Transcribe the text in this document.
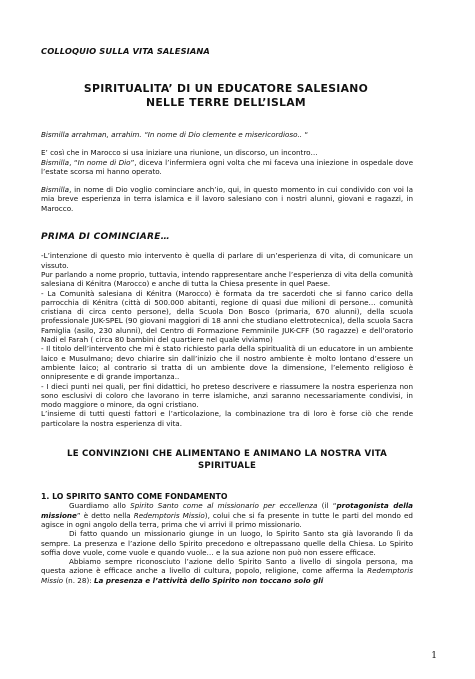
COLLOQUIO SULLA VITA SALESIANA
SPIRITUALITA’ DI UN EDUCATORE SALESIANO
NELLE TERRE DELL’ISLAM

Bismilla arrahman, arrahim. “In nome di Dio clemente e misericordioso.. “

E’ così che in Marocco si usa iniziare una riunione, un discorso, un incontro…

Bismilla, “In nome di Dio”, diceva l’infermiera ogni volta che mi faceva una iniezione in ospedale dove l’estate scorsa mi hanno operato.

Bismilla, in nome di Dio voglio cominciare anch’io, qui, in questo momento in cui condivido con voi la mia breve esperienza in terra islamica e il lavoro salesiano con i nostri alunni, giovani e ragazzi, in Marocco.

PRIMA DI COMINCIARE…

-L’intenzione di questo mio intervento è quella di parlare di un’esperienza di vita, di comunicare un vissuto.

Pur parlando a nome proprio, tuttavia, intendo rappresentare anche l’esperienza di vita della comunità salesiana di Kénitra (Marocco) e anche di tutta la Chiesa presente in quel Paese.

- La Comunità salesiana di Kénitra (Marocco) è formata da tre sacerdoti che si fanno carico della parrocchia di Kénitra (città di 500.000 abitanti, regione di quasi due milioni di persone… comunità cristiana di circa cento persone), della Scuola Don Bosco (primaria, 670 alunni), della scuola professionale JUK-SPEL (90 giovani maggiori di 18 anni che studiano elettrotecnica), della scuola Sacra Famiglia (asilo, 230 alunni), del Centro di Formazione Femminile JUK-CFF (50 ragazze) e dell’oratorio Nadi el Farah ( circa 80 bambini del quartiere nel quale viviamo)

- Il titolo dell’intervento che mi è stato richiesto parla della spiritualità di un educatore in un ambiente laico e Musulmano; devo chiarire sin dall’inizio che il nostro ambiente è molto lontano d’essere un ambiente laico; al contrario si tratta di un ambiente dove la dimensione, l’elemento religioso è onnipresente e di grande importanza..

- I dieci punti nei quali, per fini didattici, ho preteso descrivere e riassumere la nostra esperienza non sono esclusivi di coloro che lavorano in terre islamiche, anzi saranno necessariamente condivisi, in modo maggiore o minore, da ogni cristiano.

L’insieme di tutti questi fattori e l’articolazione, la combinazione tra di loro è forse ciò che rende particolare la nostra esperienza di vita.

LE CONVINZIONI CHE ALIMENTANO E ANIMANO LA NOSTRA VITA
SPIRITUALE

1. LO SPIRITO SANTO COME FONDAMENTO

Guardiamo allo Spirito Santo come al missionario per eccellenza (il “protagonista della missione” è detto nella Redemptoris Missio), colui che si fa presente in tutte le parti del mondo ed agisce in ogni angolo della terra, prima che vi arrivi il primo missionario.

Di fatto quando un missionario giunge in un luogo, lo Spirito Santo sta già lavorando lì da sempre. La presenza e l’azione dello Spirito precedono e oltrepassano quelle della Chiesa. Lo Spirito soffia dove vuole, come vuole e quando vuole… e la sua azione non può non essere efficace.

Abbiamo sempre riconosciuto l’azione dello Spirito Santo a livello di singola persona, ma questa azione è efficace anche a livello di cultura, popolo, religione, come afferma la Redemptoris Missio (n. 28): La presenza e l’attività dello Spirito non toccano solo gli

1
